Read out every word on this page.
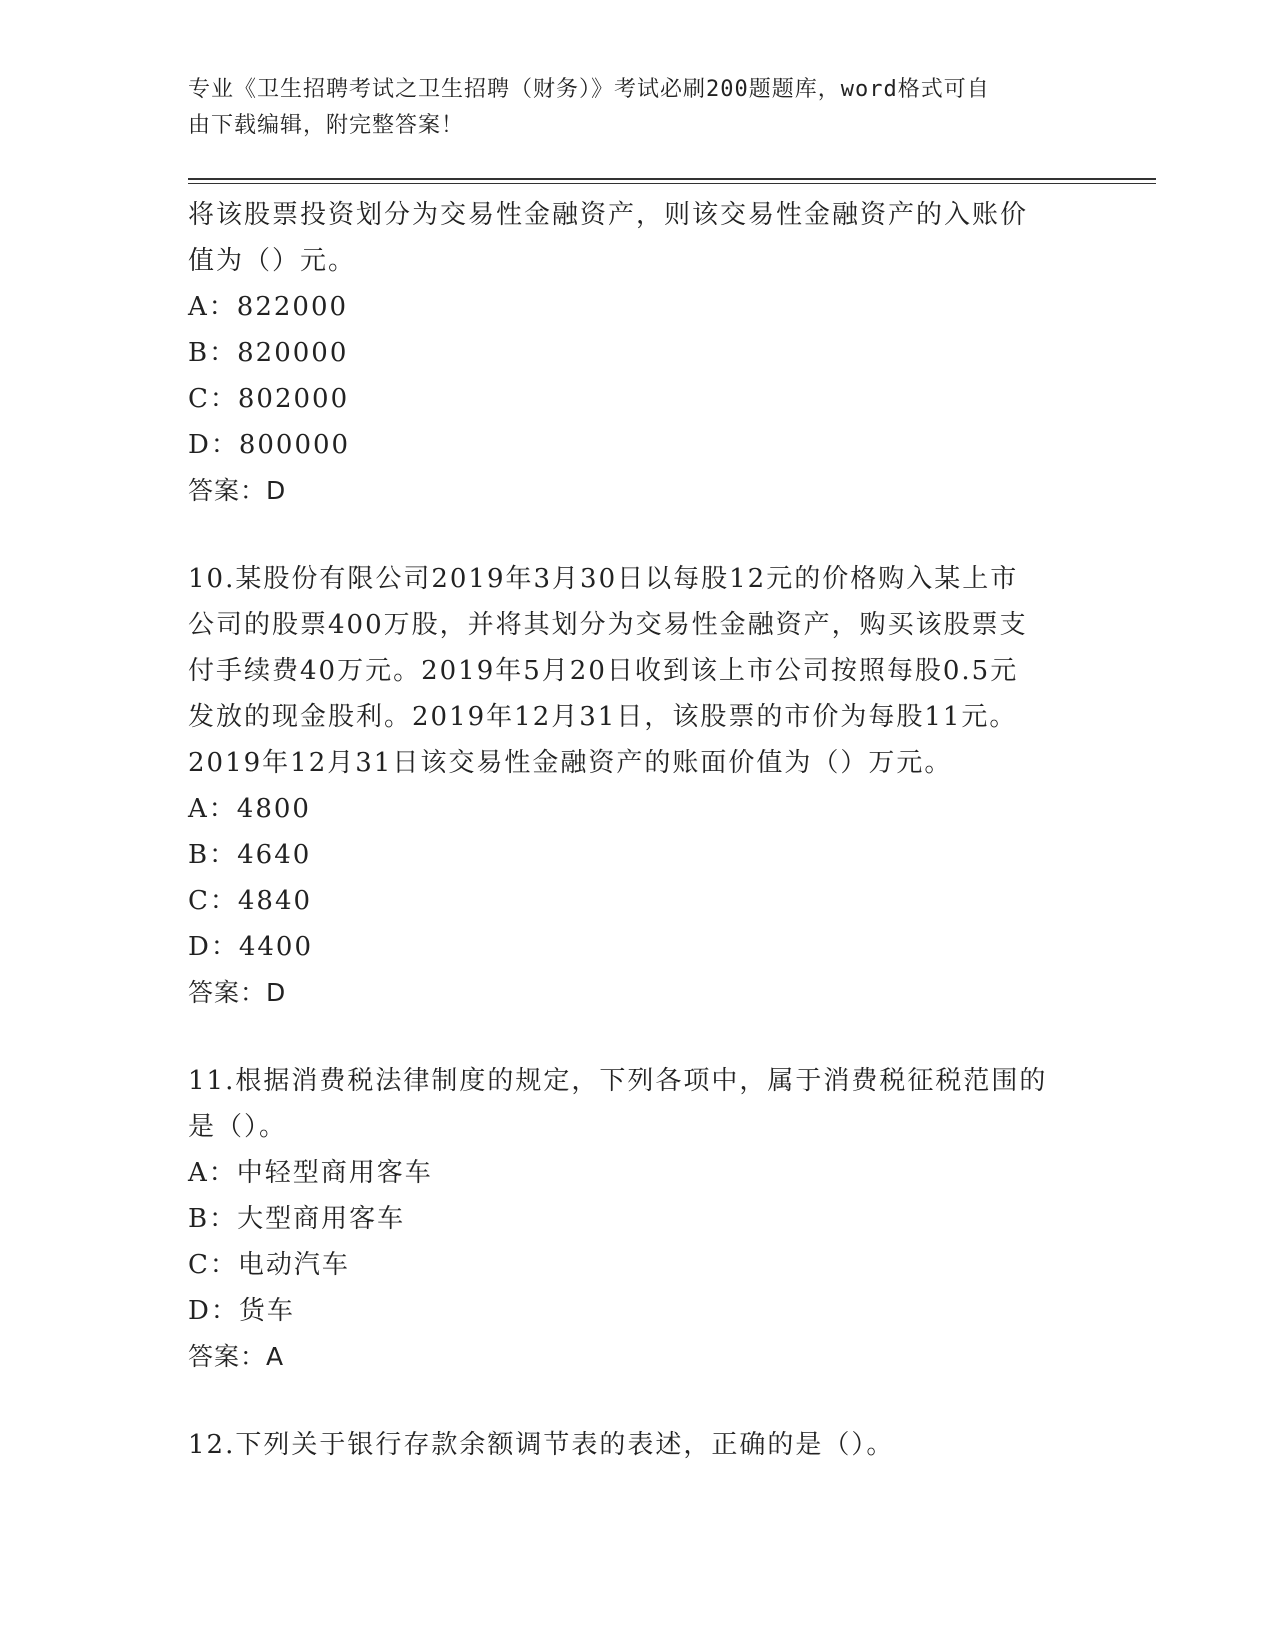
专业《卫生招聘考试之卫生招聘（财务）》考试必刷200题题库，word格式可自
由下载编辑，附完整答案！
将该股票投资划分为交易性金融资产，则该交易性金融资产的入账价
值为（）元。
A：822000
B：820000
C：802000
D：800000
答案：D
10.某股份有限公司2019年3月30日以每股12元的价格购入某上市
公司的股票400万股，并将其划分为交易性金融资产，购买该股票支
付手续费40万元。2019年5月20日收到该上市公司按照每股0.5元
发放的现金股利。2019年12月31日，该股票的市价为每股11元。
2019年12月31日该交易性金融资产的账面价值为（）万元。
A：4800
B：4640
C：4840
D：4400
答案：D
11.根据消费税法律制度的规定，下列各项中，属于消费税征税范围的
是（）。
A：中轻型商用客车
B：大型商用客车
C：电动汽车
D：货车
答案：A
12.下列关于银行存款余额调节表的表述，正确的是（）。
